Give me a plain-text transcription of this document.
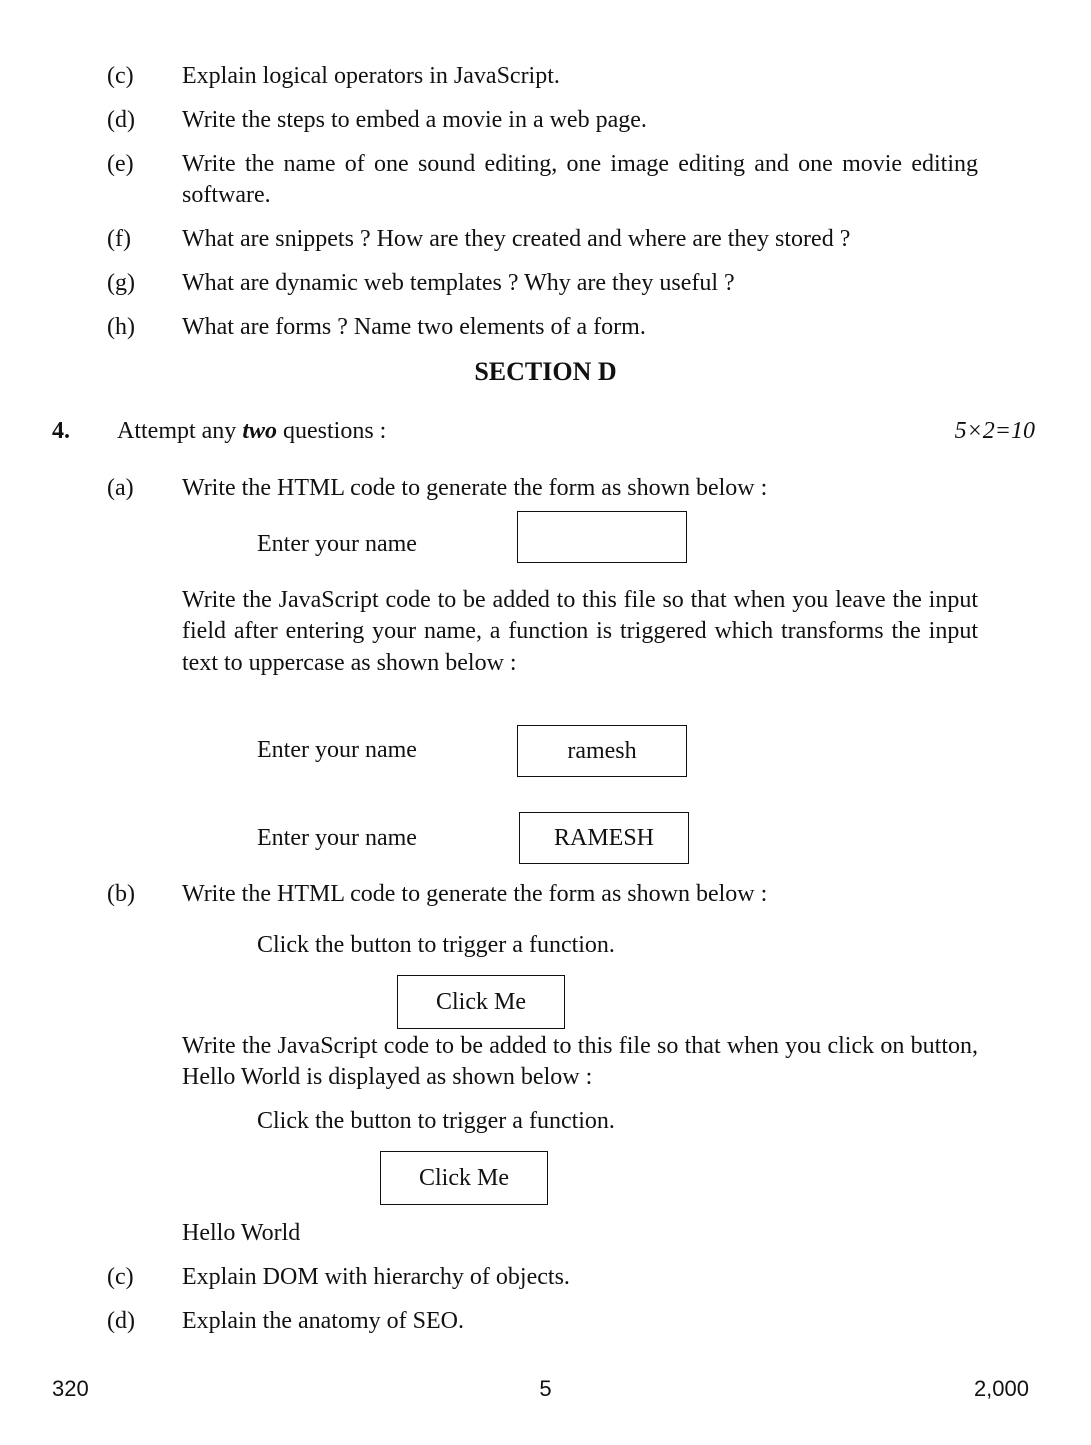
(c) Explain logical operators in JavaScript.
(d) Write the steps to embed a movie in a web page.
(e) Write the name of one sound editing, one image editing and one movie editing software.
(f) What are snippets ? How are they created and where are they stored ?
(g) What are dynamic web templates ? Why are they useful ?
(h) What are forms ? Name two elements of a form.
SECTION D
4. Attempt any two questions :	5×2=10
(a) Write the HTML code to generate the form as shown below :
Enter your name
Write the JavaScript code to be added to this file so that when you leave the input field after entering your name, a function is triggered which transforms the input text to uppercase as shown below :
Enter your name	ramesh
Enter your name	RAMESH
(b) Write the HTML code to generate the form as shown below :
Click the button to trigger a function.
Click Me
Write the JavaScript code to be added to this file so that when you click on button, Hello World is displayed as shown below :
Click the button to trigger a function.
Click Me
Hello World
(c) Explain DOM with hierarchy of objects.
(d) Explain the anatomy of SEO.
320	5	2,000
